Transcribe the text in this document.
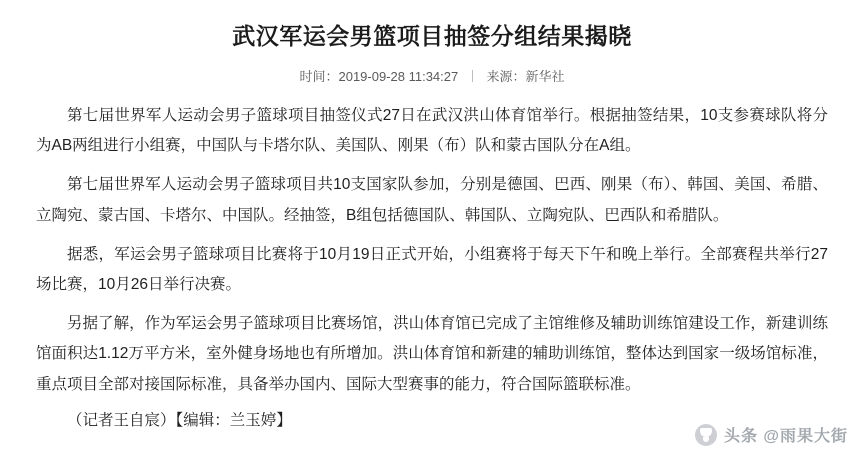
武汉军运会男篮项目抽签分组结果揭晓
时间：2019-09-28 11:34:27 来源：新华社

第七届世界军人运动会男子篮球项目抽签仪式27日在武汉洪山体育馆举行。根据抽签结果，10支参赛球队将分为AB两组进行小组赛，中国队与卡塔尔队、美国队、刚果（布）队和蒙古国队分在A组。

第七届世界军人运动会男子篮球项目共10支国家队参加，分别是德国、巴西、刚果（布）、韩国、美国、希腊、立陶宛、蒙古国、卡塔尔、中国队。经抽签，B组包括德国队、韩国队、立陶宛队、巴西队和希腊队。

据悉，军运会男子篮球项目比赛将于10月19日正式开始，小组赛将于每天下午和晚上举行。全部赛程共举行27场比赛，10月26日举行决赛。

另据了解，作为军运会男子篮球项目比赛场馆，洪山体育馆已完成了主馆维修及辅助训练馆建设工作，新建训练馆面积达1.12万平方米，室外健身场地也有所增加。洪山体育馆和新建的辅助训练馆，整体达到国家一级场馆标准，重点项目全部对接国际标准，具备举办国内、国际大型赛事的能力，符合国际篮联标准。

（记者王自宸）【编辑：兰玉婷】
头条 @雨果大街
